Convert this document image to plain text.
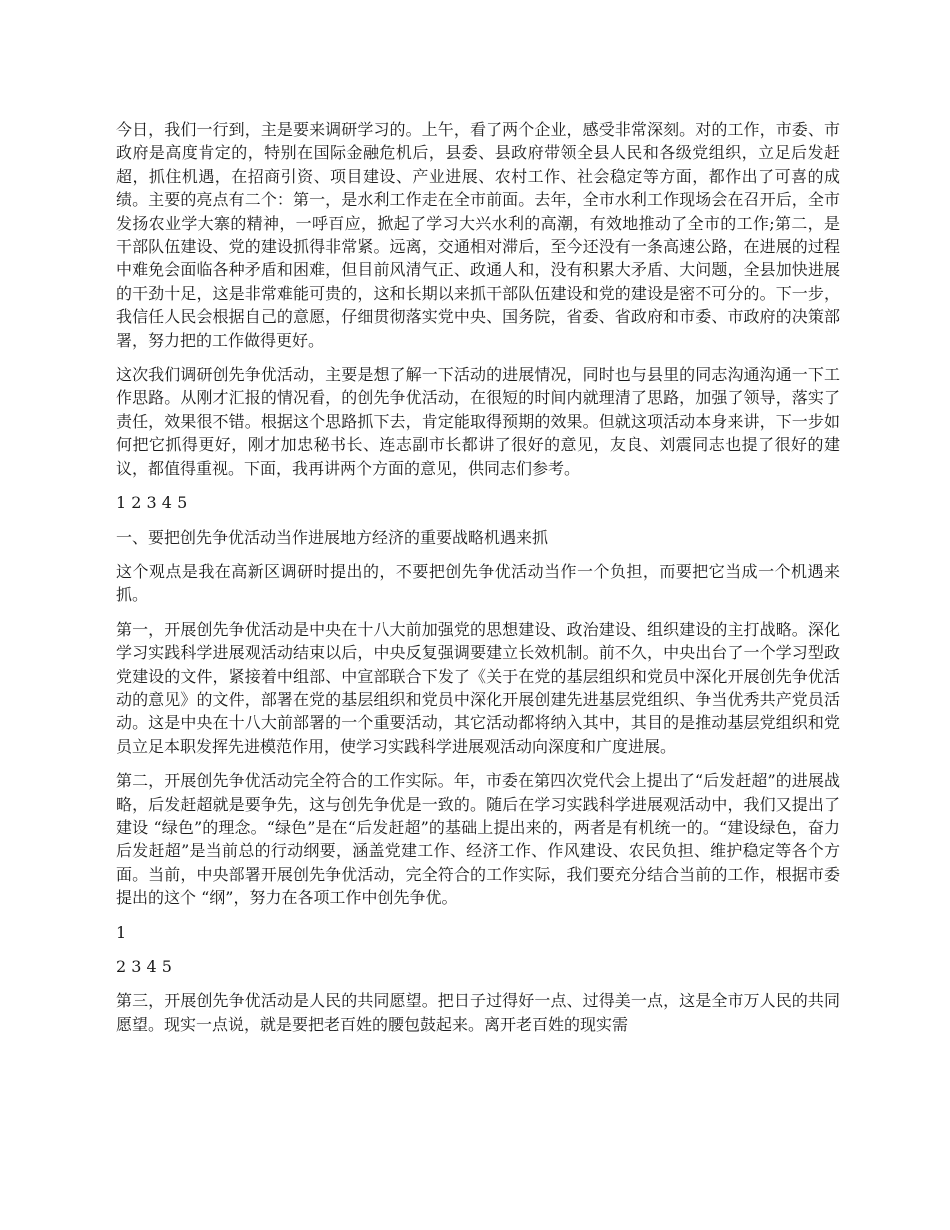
今日，我们一行到，主是要来调研学习的。上午，看了两个企业，感受非常深刻。对的工作，市委、市政府是高度肯定的，特别在国际金融危机后，县委、县政府带领全县人民和各级党组织，立足后发赶超，抓住机遇，在招商引资、项目建设、产业进展、农村工作、社会稳定等方面，都作出了可喜的成绩。主要的亮点有二个：第一，是水利工作走在全市前面。去年，全市水利工作现场会在召开后，全市发扬农业学大寨的精神，一呼百应，掀起了学习大兴水利的高潮，有效地推动了全市的工作;第二，是干部队伍建设、党的建设抓得非常紧。远离，交通相对滞后，至今还没有一条高速公路，在进展的过程中难免会面临各种矛盾和困难，但目前风清气正、政通人和，没有积累大矛盾、大问题，全县加快进展的干劲十足，这是非常难能可贵的，这和长期以来抓干部队伍建设和党的建设是密不可分的。下一步，我信任人民会根据自己的意愿，仔细贯彻落实党中央、国务院，省委、省政府和市委、市政府的决策部署，努力把的工作做得更好。

这次我们调研创先争优活动，主要是想了解一下活动的进展情况，同时也与县里的同志沟通沟通一下工作思路。从刚才汇报的情况看，的创先争优活动，在很短的时间内就理清了思路，加强了领导，落实了责任，效果很不错。根据这个思路抓下去，肯定能取得预期的效果。但就这项活动本身来讲，下一步如何把它抓得更好，刚才加忠秘书长、连志副市长都讲了很好的意见，友良、刘震同志也提了很好的建议，都值得重视。下面，我再讲两个方面的意见，供同志们参考。

1 2 3 4 5

一、要把创先争优活动当作进展地方经济的重要战略机遇来抓

这个观点是我在高新区调研时提出的，不要把创先争优活动当作一个负担，而要把它当成一个机遇来抓。

第一，开展创先争优活动是中央在十八大前加强党的思想建设、政治建设、组织建设的主打战略。深化学习实践科学进展观活动结束以后，中央反复强调要建立长效机制。前不久，中央出台了一个学习型政党建设的文件，紧接着中组部、中宣部联合下发了《关于在党的基层组织和党员中深化开展创先争优活动的意见》的文件，部署在党的基层组织和党员中深化开展创建先进基层党组织、争当优秀共产党员活动。这是中央在十八大前部署的一个重要活动，其它活动都将纳入其中，其目的是推动基层党组织和党员立足本职发挥先进模范作用，使学习实践科学进展观活动向深度和广度进展。

第二，开展创先争优活动完全符合的工作实际。年，市委在第四次党代会上提出了“后发赶超”的进展战略，后发赶超就是要争先，这与创先争优是一致的。随后在学习实践科学进展观活动中，我们又提出了建设 “绿色”的理念。“绿色”是在“后发赶超”的基础上提出来的，两者是有机统一的。“建设绿色，奋力后发赶超”是当前总的行动纲要，涵盖党建工作、经济工作、作风建设、农民负担、维护稳定等各个方面。当前，中央部署开展创先争优活动，完全符合的工作实际，我们要充分结合当前的工作，根据市委提出的这个 “纲”，努力在各项工作中创先争优。

1

2 3 4 5

第三，开展创先争优活动是人民的共同愿望。把日子过得好一点、过得美一点，这是全市万人民的共同愿望。现实一点说，就是要把老百姓的腰包鼓起来。离开老百姓的现实需
